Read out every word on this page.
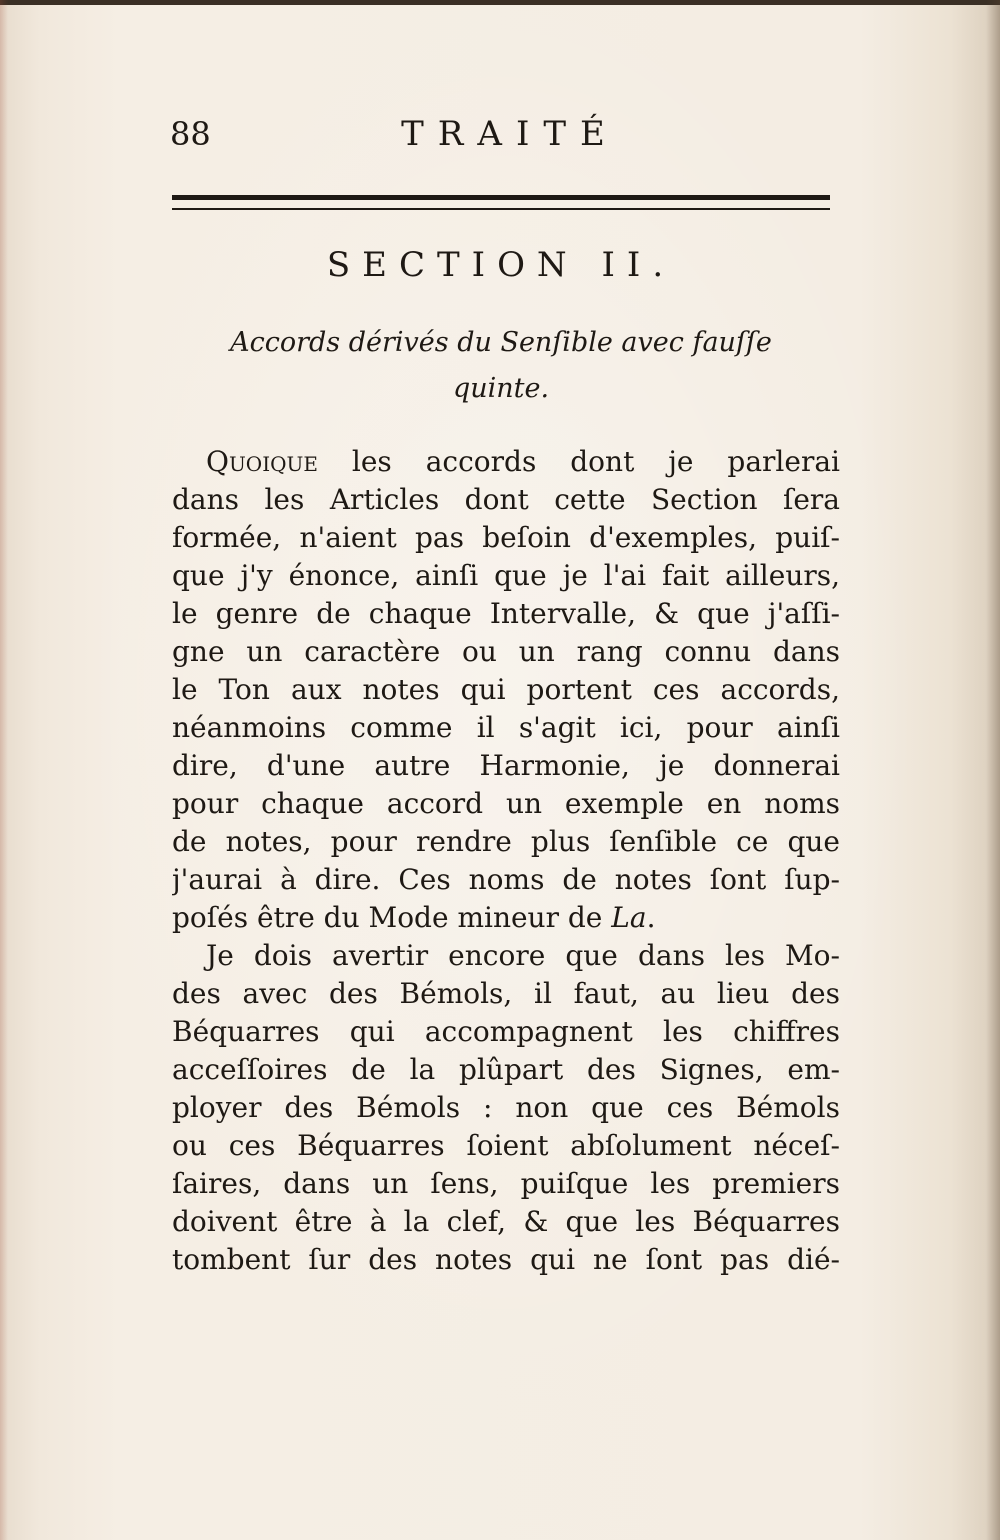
88	TRAITÉ
SECTION II.
Accords dérivés du Senſible avec fauſſe
quinte.
Quoique les accords dont je parlerai
dans les Articles dont cette Section ſera
formée, n'aient pas beſoin d'exemples, puiſ-
que j'y énonce, ainſi que je l'ai fait ailleurs,
le genre de chaque Intervalle, & que j'aſſi-
gne un caractère ou un rang connu dans
le Ton aux notes qui portent ces accords,
néanmoins comme il s'agit ici, pour ainſi
dire, d'une autre Harmonie, je donnerai
pour chaque accord un exemple en noms
de notes, pour rendre plus ſenſible ce que
j'aurai à dire. Ces noms de notes ſont ſup-
poſés être du Mode mineur de La.
Je dois avertir encore que dans les Mo-
des avec des Bémols, il faut, au lieu des
Béquarres qui accompagnent les chiffres
acceſſoires de la plûpart des Signes, em-
ployer des Bémols : non que ces Bémols
ou ces Béquarres ſoient abſolument néceſ-
ſaires, dans un ſens, puiſque les premiers
doivent être à la clef, & que les Béquarres
tombent ſur des notes qui ne ſont pas dié-
